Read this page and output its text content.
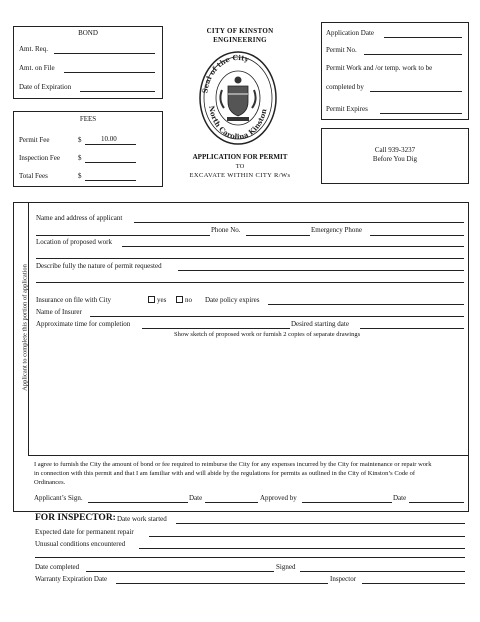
BOND
Amt. Req.
Amt. on File
Date of Expiration
FEES
Permit Fee	$	10.00
Inspection Fee	$
Total Fees	$
CITY OF KINSTON
ENGINEERING
Seal of the City
North Carolina Kinston
APPLICATION FOR PERMIT
TO
EXCAVATE WITHIN CITY R/Ws
Application Date
Permit No.
Permit Work and /or temp. work to be
completed by
Permit Expires
Call 939-3237
Before You Dig
Applicant to complete this portion of application
Name and address of applicant
Phone No.	Emergency Phone
Location of proposed work
Describe fully the nature of permit requested
Insurance on file with City	yes	no Date policy expires
Name of Insurer
Approximate time for completion	Desired starting date
Show sketch of proposed work or furnish 2 copies of separate drawings
I agree to furnish the City the amount of bond or fee required to reimburse the City for any expenses incurred by the City for maintenance or repair work
in connection with this permit and that I am familiar with and will abide by the regulations for permits as outlined in the City of Kinston’s Code of
Ordinances.
Applicant’s Sign.	Date	Approved by	Date
FOR INSPECTOR: Date work started
Expected date for permanent repair
Unusual conditions encountered
Date completed	Signed
Warranty Expiration Date	Inspector
